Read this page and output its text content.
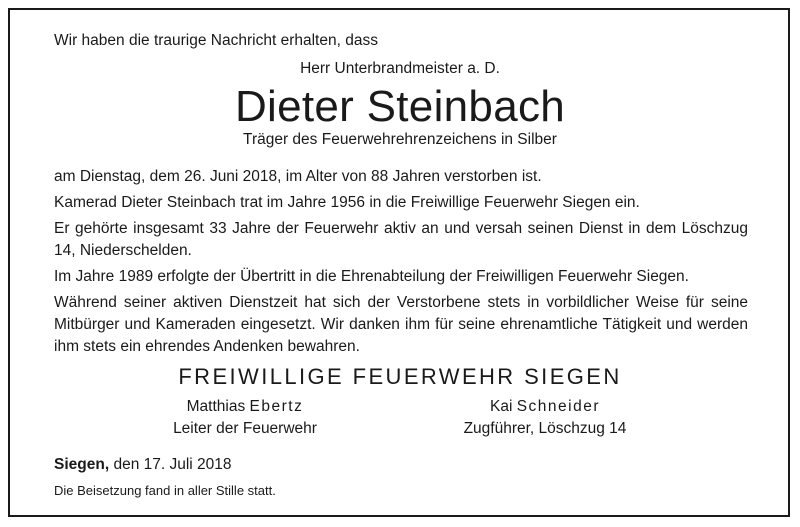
Wir haben die traurige Nachricht erhalten, dass

Herr Unterbrandmeister a. D.
Dieter Steinbach
Träger des Feuerwehrehrenzeichens in Silber

am Dienstag, dem 26. Juni 2018, im Alter von 88 Jahren verstorben ist.

Kamerad Dieter Steinbach trat im Jahre 1956 in die Freiwillige Feuerwehr Siegen ein.

Er gehörte insgesamt 33 Jahre der Feuerwehr aktiv an und versah seinen Dienst in dem Löschzug 14, Niederschelden.

Im Jahre 1989 erfolgte der Übertritt in die Ehrenabteilung der Freiwilligen Feuerwehr Siegen.

Während seiner aktiven Dienstzeit hat sich der Verstorbene stets in vorbildlicher Weise für seine Mitbürger und Kameraden eingesetzt. Wir danken ihm für seine ehrenamtliche Tätigkeit und werden ihm stets ein ehrendes Andenken bewahren.

FREIWILLIGE FEUERWEHR SIEGEN
Matthias Ebertz
Leiter der Feuerwehr
Kai Schneider
Zugführer, Löschzug 14
Siegen, den 17. Juli 2018
Die Beisetzung fand in aller Stille statt.
